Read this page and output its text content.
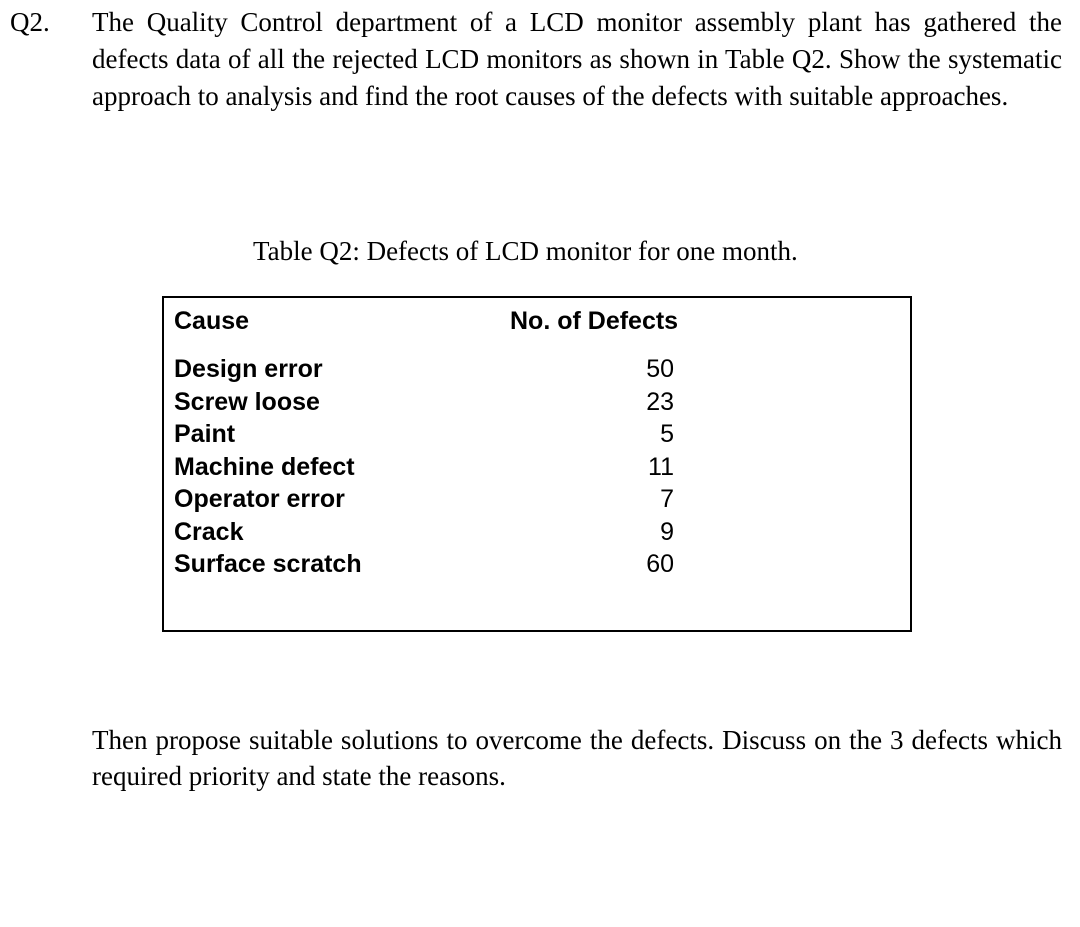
Q2. The Quality Control department of a LCD monitor assembly plant has gathered the defects data of all the rejected LCD monitors as shown in Table Q2. Show the systematic approach to analysis and find the root causes of the defects with suitable approaches.
Table Q2: Defects of LCD monitor for one month.
Cause	No. of Defects
Design error	50
Screw loose	23
Paint	5
Machine defect	11
Operator error	7
Crack	9
Surface scratch	60
Then propose suitable solutions to overcome the defects. Discuss on the 3 defects which required priority and state the reasons.
